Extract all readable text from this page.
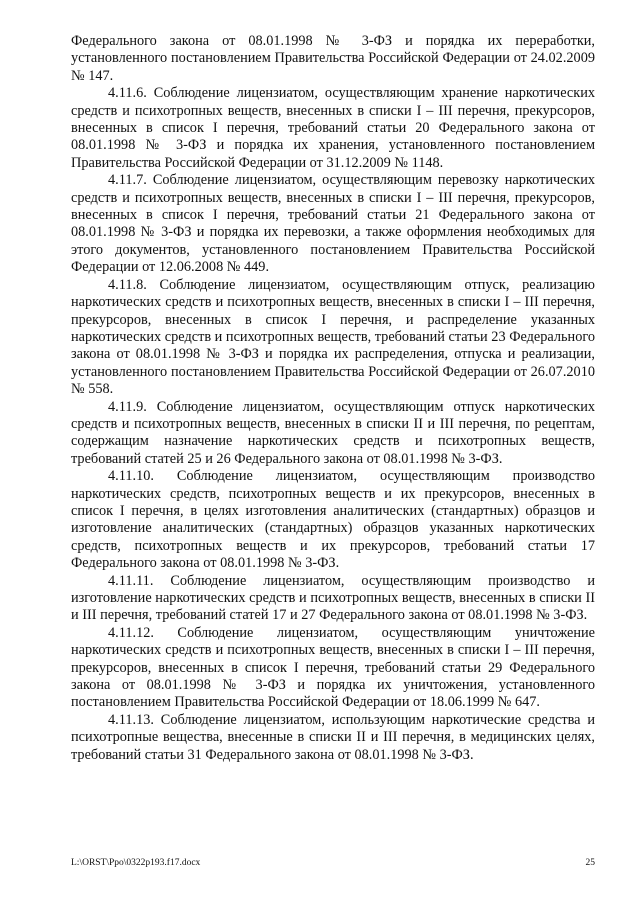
Федерального закона от 08.01.1998 № 3-ФЗ и порядка их переработки, установленного постановлением Правительства Российской Федерации от 24.02.2009 № 147.

4.11.6. Соблюдение лицензиатом, осуществляющим хранение наркотических средств и психотропных веществ, внесенных в списки I – III перечня, прекурсоров, внесенных в список I перечня, требований статьи 20 Федерального закона от 08.01.1998 № 3-ФЗ и порядка их хранения, установленного постановлением Правительства Российской Федерации от 31.12.2009 № 1148.

4.11.7. Соблюдение лицензиатом, осуществляющим перевозку наркотических средств и психотропных веществ, внесенных в списки I – III перечня, прекурсоров, внесенных в список I перечня, требований статьи 21 Федерального закона от 08.01.1998 № 3-ФЗ и порядка их перевозки, а также оформления необходимых для этого документов, установленного постановлением Правительства Российской Федерации от 12.06.2008 № 449.

4.11.8. Соблюдение лицензиатом, осуществляющим отпуск, реализацию наркотических средств и психотропных веществ, внесенных в списки I – III перечня, прекурсоров, внесенных в список I перечня, и распределение указанных наркотических средств и психотропных веществ, требований статьи 23 Федерального закона от 08.01.1998 № 3-ФЗ и порядка их распределения, отпуска и реализации, установленного постановлением Правительства Российской Федерации от 26.07.2010 № 558.

4.11.9. Соблюдение лицензиатом, осуществляющим отпуск наркотических средств и психотропных веществ, внесенных в списки II и III перечня, по рецептам, содержащим назначение наркотических средств и психотропных веществ, требований статей 25 и 26 Федерального закона от 08.01.1998 № 3-ФЗ.

4.11.10. Соблюдение лицензиатом, осуществляющим производство наркотических средств, психотропных веществ и их прекурсоров, внесенных в список I перечня, в целях изготовления аналитических (стандартных) образцов и изготовление аналитических (стандартных) образцов указанных наркотических средств, психотропных веществ и их прекурсоров, требований статьи 17 Федерального закона от 08.01.1998 № 3-ФЗ.

4.11.11. Соблюдение лицензиатом, осуществляющим производство и изготовление наркотических средств и психотропных веществ, внесенных в списки II и III перечня, требований статей 17 и 27 Федерального закона от 08.01.1998 № 3-ФЗ.

4.11.12. Соблюдение лицензиатом, осуществляющим уничтожение наркотических средств и психотропных веществ, внесенных в списки I – III перечня, прекурсоров, внесенных в список I перечня, требований статьи 29 Федерального закона от 08.01.1998 № 3-ФЗ и порядка их уничтожения, установленного постановлением Правительства Российской Федерации от 18.06.1999 № 647.

4.11.13. Соблюдение лицензиатом, использующим наркотические средства и психотропные вещества, внесенные в списки II и III перечня, в медицинских целях, требований статьи 31 Федерального закона от 08.01.1998 № 3-ФЗ.

L:\ORST\Ppo\0322p193.f17.docx	25
